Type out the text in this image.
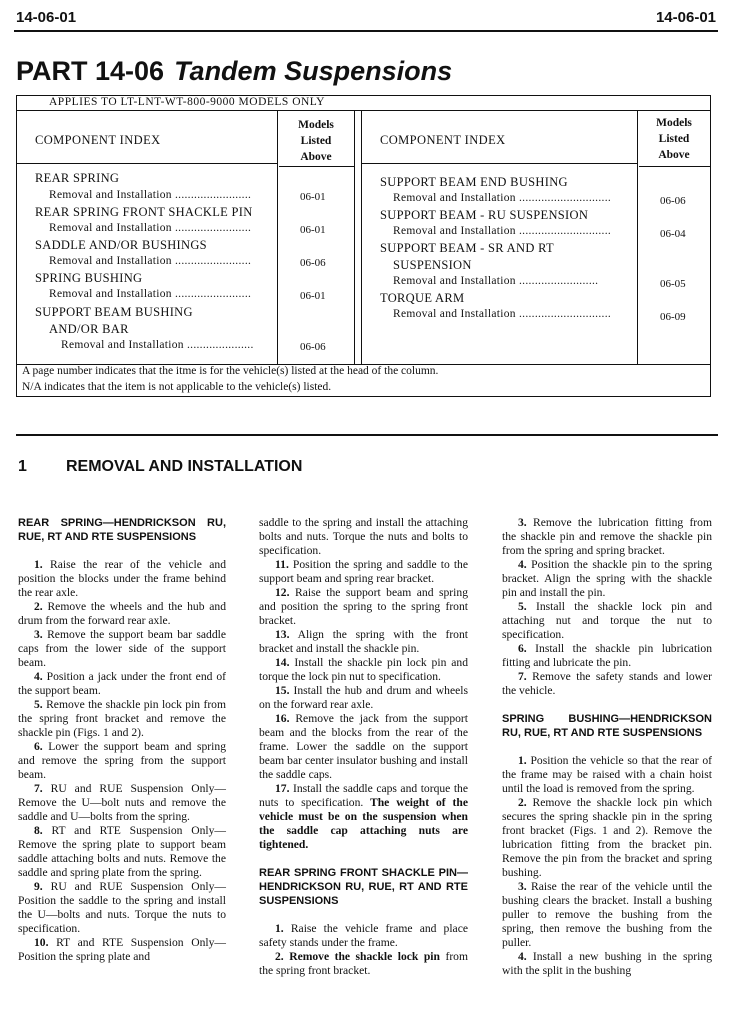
14-06-01	14-06-01
PART 14-06 Tandem Suspensions
APPLIES TO LT-LNT-WT-800-9000 MODELS ONLY
COMPONENT INDEX
Models
Listed
Above
COMPONENT INDEX
Models
Listed
Above
REAR SPRING
Removal and Installation ........................	06-01
REAR SPRING FRONT SHACKLE PIN
Removal and Installation ........................	06-01
SADDLE AND/OR BUSHINGS
Removal and Installation ........................	06-06
SPRING BUSHING
Removal and Installation ........................	06-01
SUPPORT BEAM BUSHING
AND/OR BAR
Removal and Installation .....................	06-06
SUPPORT BEAM END BUSHING
Removal and Installation .............................	06-06
SUPPORT BEAM - RU SUSPENSION
Removal and Installation .............................	06-04
SUPPORT BEAM - SR AND RT
SUSPENSION
Removal and Installation .........................	06-05
TORQUE ARM
Removal and Installation .............................	06-09
A page number indicates that the itme is for the vehicle(s) listed at the head of the column.
N/A indicates that the item is not applicable to the vehicle(s) listed.
1 REMOVAL AND INSTALLATION
REAR SPRING—HENDRICKSON RU, RUE, RT AND RTE SUSPENSIONS

1. Raise the rear of the vehicle and position the blocks under the frame behind the rear axle.

2. Remove the wheels and the hub and drum from the forward rear axle.

3. Remove the support beam bar saddle caps from the lower side of the support beam.

4. Position a jack under the front end of the support beam.

5. Remove the shackle pin lock pin from the spring front bracket and remove the shackle pin (Figs. 1 and 2).

6. Lower the support beam and spring and remove the spring from the support beam.

7. RU and RUE Suspension Only— Remove the U—bolt nuts and remove the saddle and U—bolts from the spring.

8. RT and RTE Suspension Only—Remove the spring plate to support beam saddle attaching bolts and nuts. Remove the saddle and spring plate from the spring.

9. RU and RUE Suspension Only—Position the saddle to the spring and install the U—bolts and nuts. Torque the nuts to specification.

10. RT and RTE Suspension Only—Position the spring plate and

saddle to the spring and install the attaching bolts and nuts. Torque the nuts and bolts to specification.

11. Position the spring and saddle to the support beam and spring rear bracket.

12. Raise the support beam and spring and position the spring to the spring front bracket.

13. Align the spring with the front bracket and install the shackle pin.

14. Install the shackle pin lock pin and torque the lock pin nut to specification.

15. Install the hub and drum and wheels on the forward rear axle.

16. Remove the jack from the support beam and the blocks from the rear of the frame. Lower the saddle on the support beam bar center insulator bushing and install the saddle caps.

17. Install the saddle caps and torque the nuts to specification. The weight of the vehicle must be on the suspension when the saddle cap attaching nuts are tightened.

REAR SPRING FRONT SHACKLE PIN—HENDRICKSON RU, RUE, RT AND RTE SUSPENSIONS

1. Raise the vehicle frame and place safety stands under the frame.

2. Remove the shackle lock pin from the spring front bracket.

3. Remove the lubrication fitting from the shackle pin and remove the shackle pin from the spring and spring bracket.

4. Position the shackle pin to the spring bracket. Align the spring with the shackle pin and install the pin.

5. Install the shackle lock pin and attaching nut and torque the nut to specification.

6. Install the shackle pin lubrication fitting and lubricate the pin.

7. Remove the safety stands and lower the vehicle.

SPRING BUSHING—HENDRICKSON RU, RUE, RT AND RTE SUSPENSIONS

1. Position the vehicle so that the rear of the frame may be raised with a chain hoist until the load is removed from the spring.

2. Remove the shackle lock pin which secures the spring shackle pin in the spring front bracket (Figs. 1 and 2). Remove the lubrication fitting from the bracket pin. Remove the pin from the bracket and spring bushing.

3. Raise the rear of the vehicle until the bushing clears the bracket. Install a bushing puller to remove the bushing from the spring, then remove the bushing from the puller.

4. Install a new bushing in the spring with the split in the bushing
